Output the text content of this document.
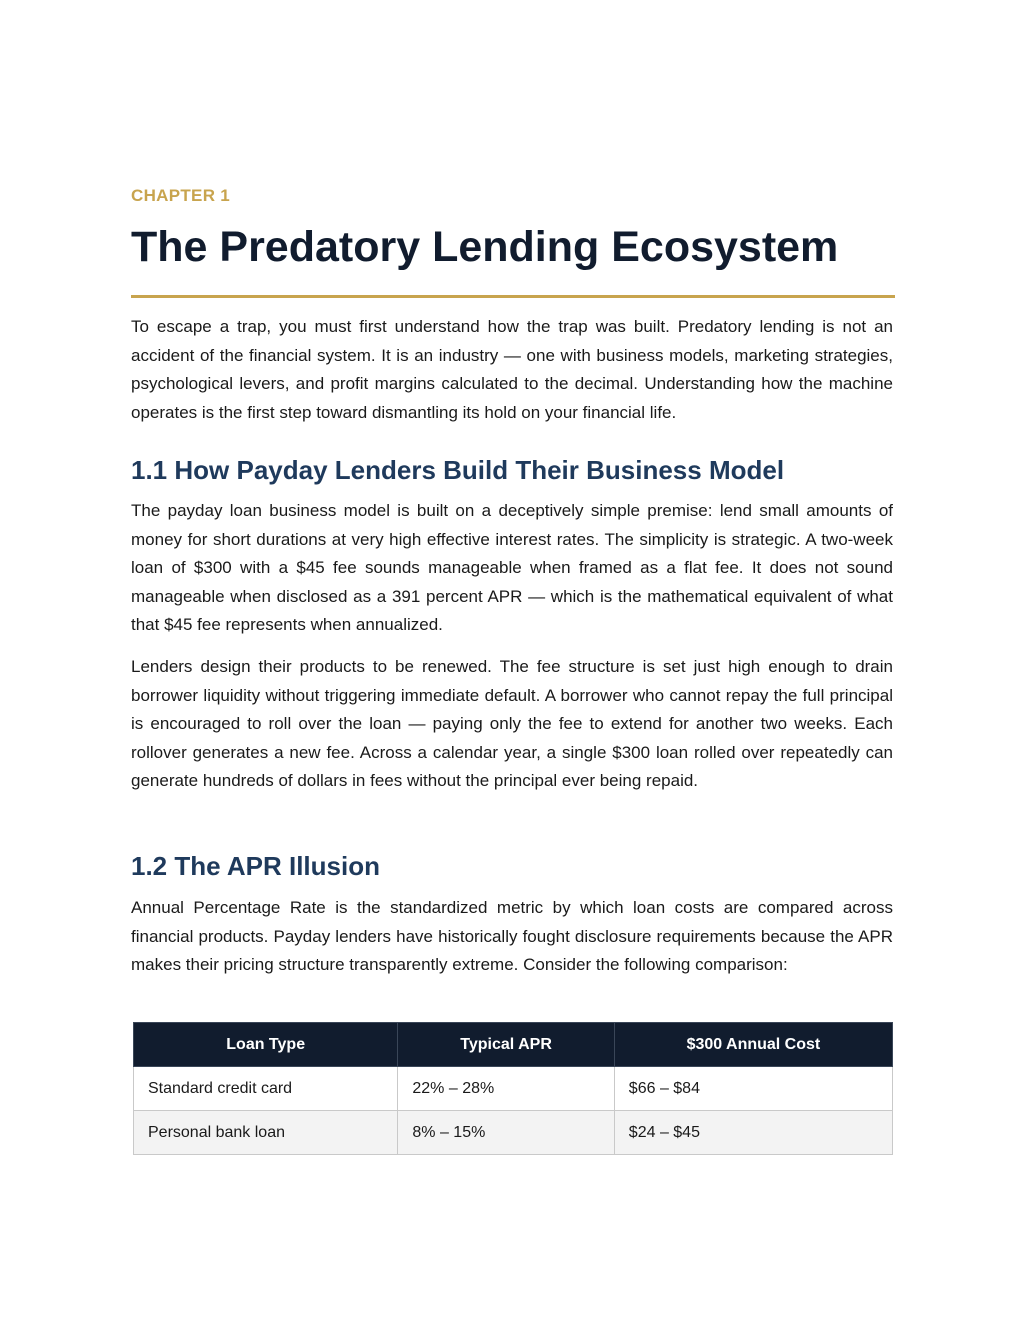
CHAPTER 1
The Predatory Lending Ecosystem

To escape a trap, you must first understand how the trap was built. Predatory lending is not an accident of the financial system. It is an industry — one with business models, marketing strategies, psychological levers, and profit margins calculated to the decimal. Understanding how the machine operates is the first step toward dismantling its hold on your financial life.

1.1 How Payday Lenders Build Their Business Model

The payday loan business model is built on a deceptively simple premise: lend small amounts of money for short durations at very high effective interest rates. The simplicity is strategic. A two-week loan of $300 with a $45 fee sounds manageable when framed as a flat fee. It does not sound manageable when disclosed as a 391 percent APR — which is the mathematical equivalent of what that $45 fee represents when annualized.

Lenders design their products to be renewed. The fee structure is set just high enough to drain borrower liquidity without triggering immediate default. A borrower who cannot repay the full principal is encouraged to roll over the loan — paying only the fee to extend for another two weeks. Each rollover generates a new fee. Across a calendar year, a single $300 loan rolled over repeatedly can generate hundreds of dollars in fees without the principal ever being repaid.

1.2 The APR Illusion

Annual Percentage Rate is the standardized metric by which loan costs are compared across financial products. Payday lenders have historically fought disclosure requirements because the APR makes their pricing structure transparently extreme. Consider the following comparison:

Loan Type	Typical APR	$300 Annual Cost
Standard credit card	22% – 28%	$66 – $84
Personal bank loan	8% – 15%	$24 – $45
